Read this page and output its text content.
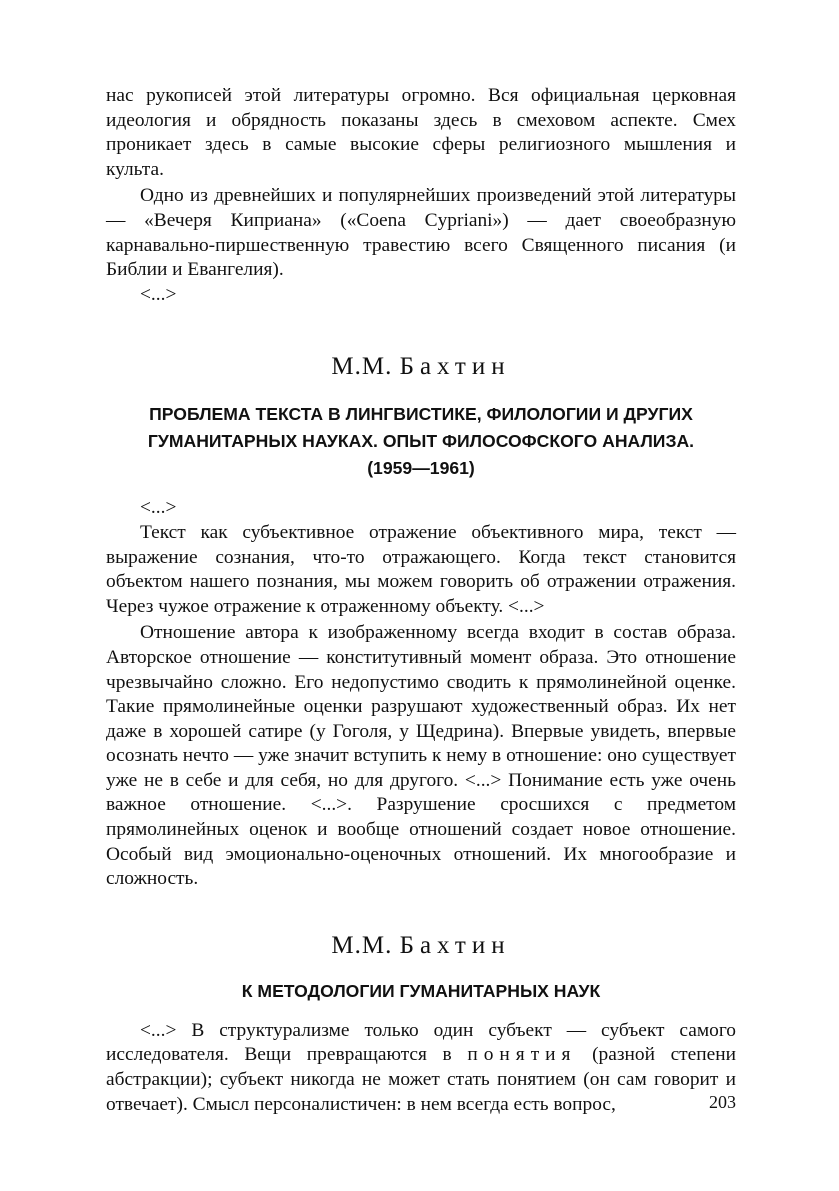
нас рукописей этой литературы огромно. Вся официальная церковная идеология и обрядность показаны здесь в смеховом аспекте. Смех проникает здесь в самые высокие сферы религиозного мышления и культа.

Одно из древнейших и популярнейших произведений этой литературы — «Вечеря Киприана» («Coena Cypriani») — дает своеобразную карнавально-пиршественную травестию всего Священного писания (и Библии и Евангелия).

<...>

М.М. Бахтин
ПРОБЛЕМА ТЕКСТА В ЛИНГВИСТИКЕ, ФИЛОЛОГИИ И ДРУГИХ
ГУМАНИТАРНЫХ НАУКАХ. ОПЫТ ФИЛОСОФСКОГО АНАЛИЗА.
(1959—1961)

<...>

Текст как субъективное отражение объективного мира, текст — выражение сознания, что-то отражающего. Когда текст становится объектом нашего познания, мы можем говорить об отражении отражения. Через чужое отражение к отраженному объекту. <...>

Отношение автора к изображенному всегда входит в состав образа. Авторское отношение — конститутивный момент образа. Это отношение чрезвычайно сложно. Его недопустимо сводить к прямолинейной оценке. Такие прямолинейные оценки разрушают художественный образ. Их нет даже в хорошей сатире (у Гоголя, у Щедрина). Впервые увидеть, впервые осознать нечто — уже значит вступить к нему в отношение: оно существует уже не в себе и для себя, но для другого. <...> Понимание есть уже очень важное отношение. <...>. Разрушение сросшихся с предметом прямолинейных оценок и вообще отношений создает новое отношение. Особый вид эмоционально-оценочных отношений. Их многообразие и сложность.

М.М. Бахтин
К МЕТОДОЛОГИИ ГУМАНИТАРНЫХ НАУК

<...> В структурализме только один субъект — субъект самого исследователя. Вещи превращаются в понятия (разной степени абстракции); субъект никогда не может стать понятием (он сам говорит и отвечает). Смысл персоналистичен: в нем всегда есть вопрос,	203
